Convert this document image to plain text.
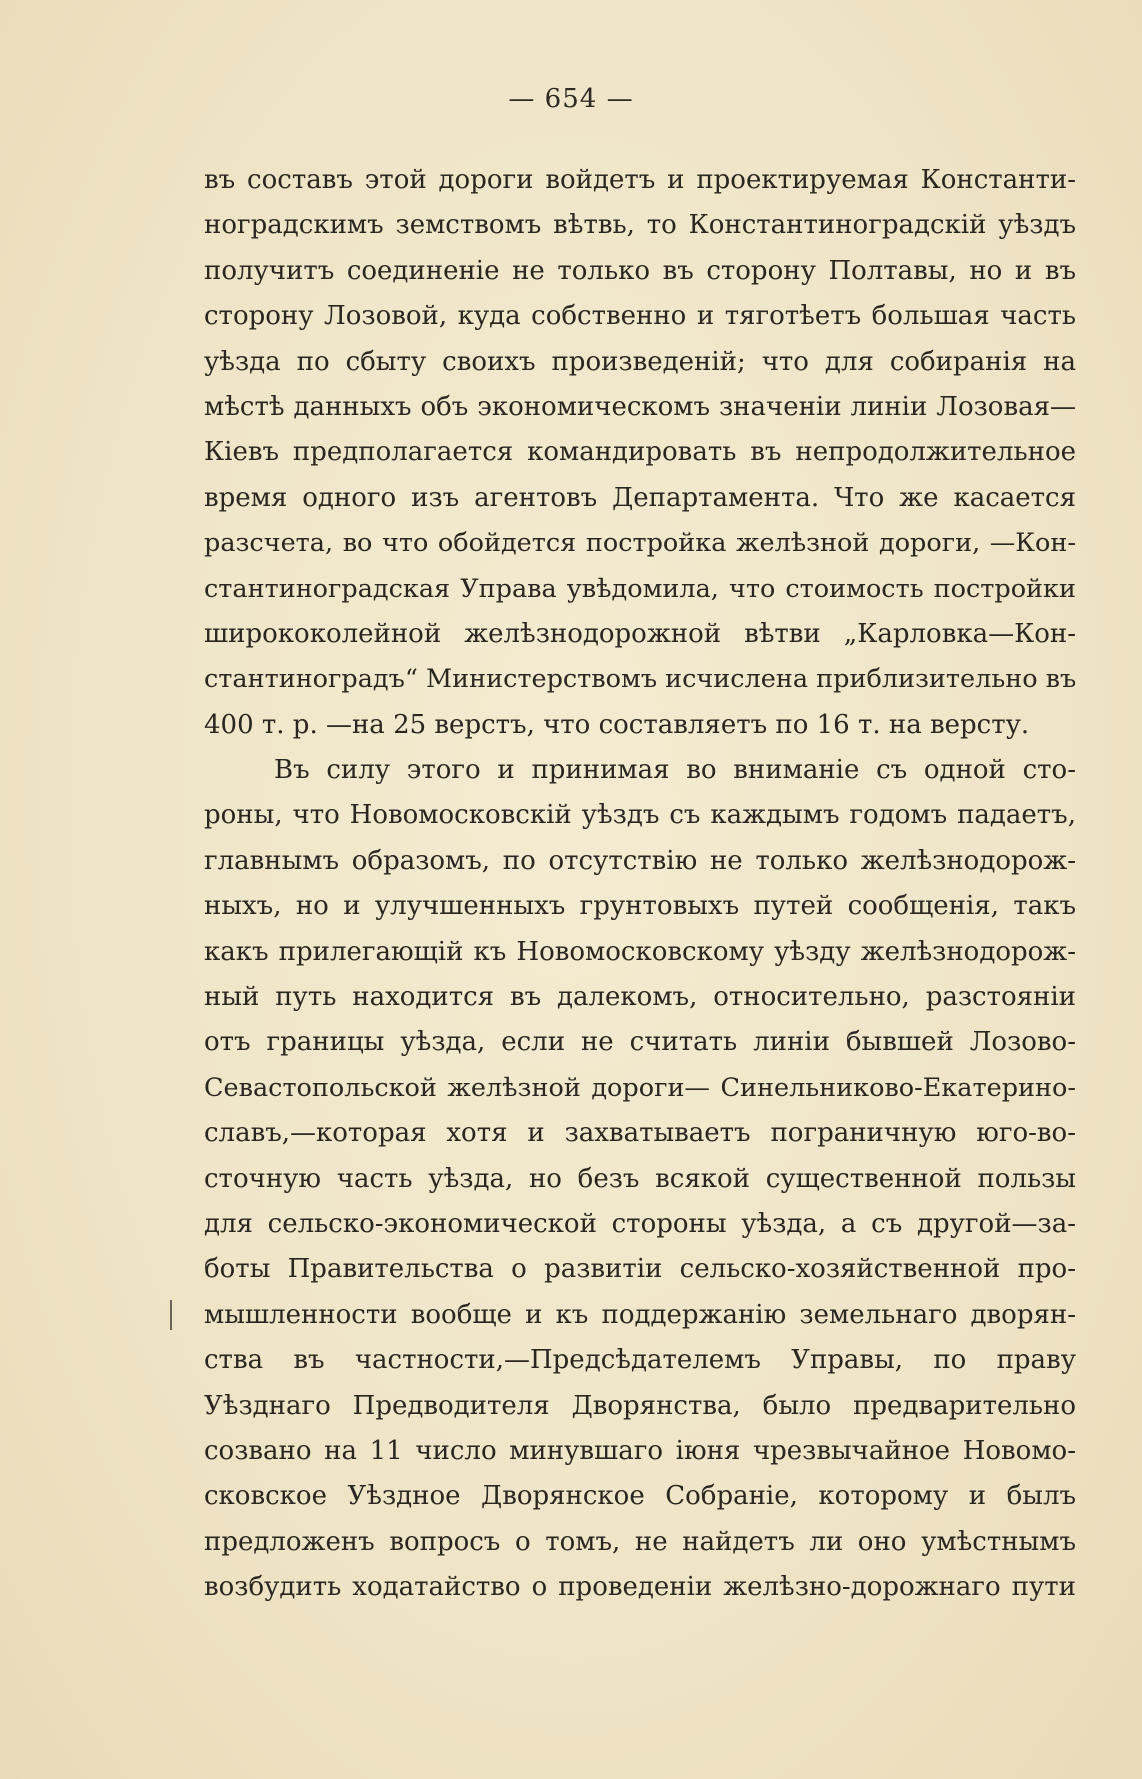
— 654 —
въ составъ этой дороги войдетъ и проектируемая Константи-
ноградскимъ земствомъ вѣтвь, то Константиноградскій уѣздъ
получитъ соединеніе не только въ сторону Полтавы, но и въ
сторону Лозовой, куда собственно и тяготѣетъ большая часть
уѣзда по сбыту своихъ произведеній; что для собиранія на
мѣстѣ данныхъ объ экономическомъ значеніи линіи Лозовая—
Кіевъ предполагается командировать въ непродолжительное
время одного изъ агентовъ Департамента. Что же касается
разсчета, во что обойдется постройка желѣзной дороги, —Кон-
стантиноградская Управа увѣдомила, что стоимость постройки
ширококолейной желѣзнодорожной вѣтви „Карловка—Кон-
стантиноградъ“ Министерствомъ исчислена приблизительно въ
400 т. р. —на 25 верстъ, что составляетъ по 16 т. на версту.
Въ силу этого и принимая во вниманіе съ одной сто-
роны, что Новомосковскій уѣздъ съ каждымъ годомъ падаетъ,
главнымъ образомъ, по отсутствію не только желѣзнодорож-
ныхъ, но и улучшенныхъ грунтовыхъ путей сообщенія, такъ
какъ прилегающій къ Новомосковскому уѣзду желѣзнодорож-
ный путь находится въ далекомъ, относительно, разстояніи
отъ границы уѣзда, если не считать линіи бывшей Лозово-
Севастопольской желѣзной дороги— Синельниково-Екатерино-
славъ,—которая хотя и захватываетъ пограничную юго-во-
сточную часть уѣзда, но безъ всякой существенной пользы
для сельско-экономической стороны уѣзда, а съ другой—за-
боты Правительства о развитіи сельско-хозяйственной про-
мышленности вообще и къ поддержанію земельнаго дворян-
ства въ частности,—Предсѣдателемъ Управы, по праву
Уѣзднаго Предводителя Дворянства, было предварительно
созвано на 11 число минувшаго іюня чрезвычайное Новомо-
сковское Уѣздное Дворянское Собраніе, которому и былъ
предложенъ вопросъ о томъ, не найдетъ ли оно умѣстнымъ
возбудить ходатайство о проведеніи желѣзно-дорожнаго пути
